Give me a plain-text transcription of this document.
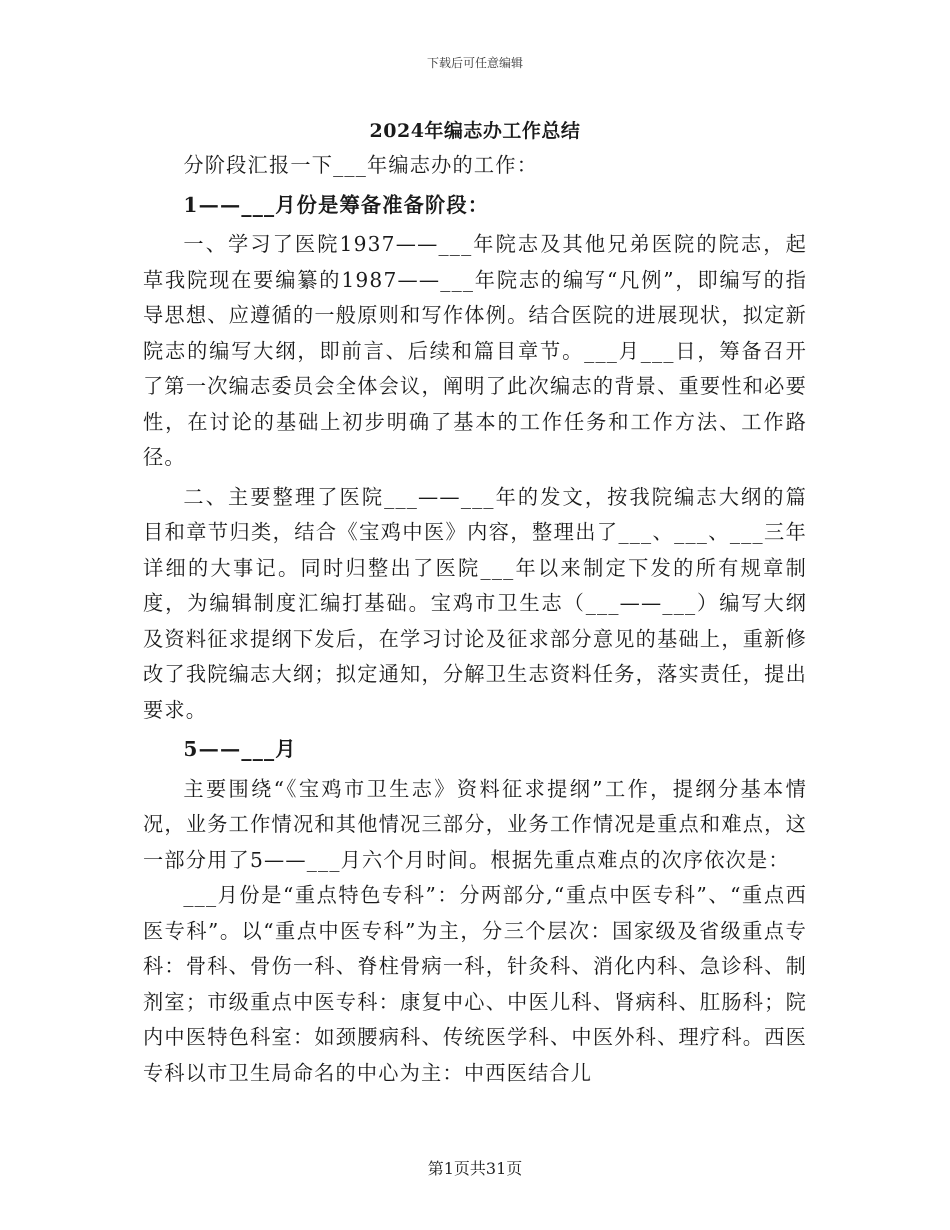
下载后可任意编辑
2024年编志办工作总结

分阶段汇报一下___年编志办的工作：

1——___月份是筹备准备阶段：

一、学习了医院1937——___年院志及其他兄弟医院的院志，起草我院现在要编纂的1987——___年院志的编写“凡例”，即编写的指导思想、应遵循的一般原则和写作体例。结合医院的进展现状，拟定新院志的编写大纲，即前言、后续和篇目章节。___月___日，筹备召开了第一次编志委员会全体会议，阐明了此次编志的背景、重要性和必要性，在讨论的基础上初步明确了基本的工作任务和工作方法、工作路径。

二、主要整理了医院___——___年的发文，按我院编志大纲的篇目和章节归类，结合《宝鸡中医》内容，整理出了___、___、___三年详细的大事记。同时归整出了医院___年以来制定下发的所有规章制度，为编辑制度汇编打基础。宝鸡市卫生志（___——___）编写大纲及资料征求提纲下发后，在学习讨论及征求部分意见的基础上，重新修改了我院编志大纲；拟定通知，分解卫生志资料任务，落实责任，提出要求。

5——___月

主要围绕“《宝鸡市卫生志》资料征求提纲”工作，提纲分基本情况，业务工作情况和其他情况三部分，业务工作情况是重点和难点，这一部分用了5——___月六个月时间。根据先重点难点的次序依次是：

___月份是“重点特色专科”：分两部分,“重点中医专科”、“重点西医专科”。以“重点中医专科”为主，分三个层次：国家级及省级重点专科：骨科、骨伤一科、脊柱骨病一科，针灸科、消化内科、急诊科、制剂室；市级重点中医专科：康复中心、中医儿科、肾病科、肛肠科；院内中医特色科室：如颈腰病科、传统医学科、中医外科、理疗科。西医专科以市卫生局命名的中心为主：中西医结合儿

第1页共31页
